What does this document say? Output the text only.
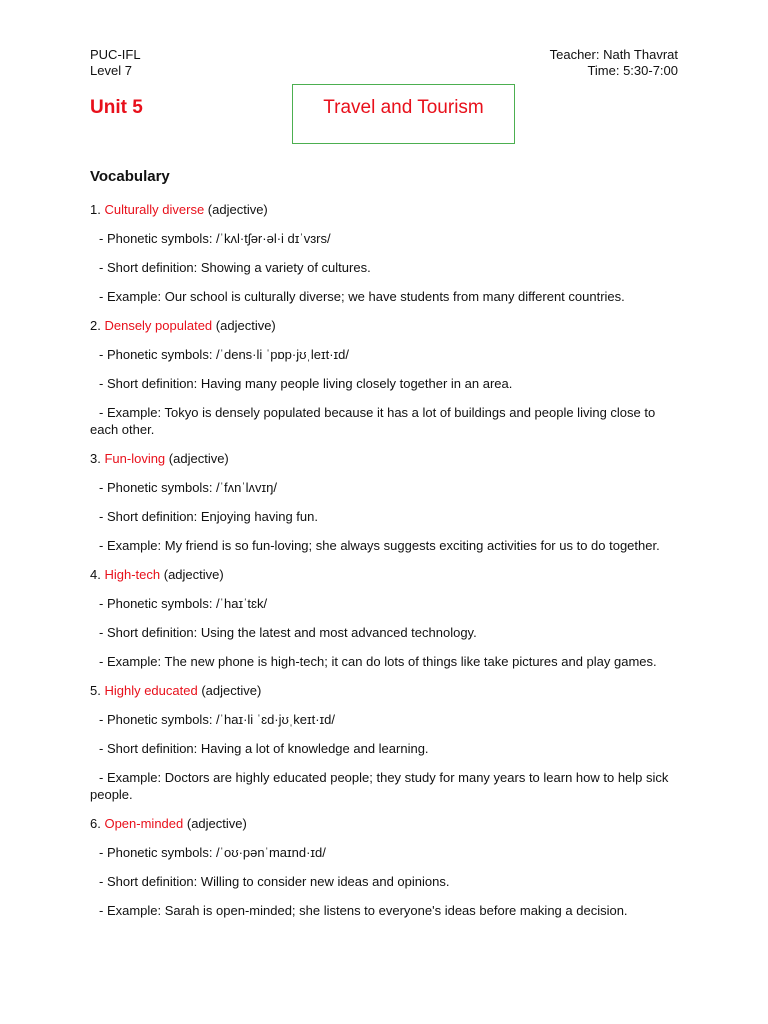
PUC-IFL
Level 7
Teacher: Nath Thavrat
Time: 5:30-7:00
Unit 5	Travel and Tourism
Vocabulary

1. Culturally diverse (adjective)

- Phonetic symbols: /ˈkʌl·tʃər·əl·i dɪˈvɜrs/

- Short definition: Showing a variety of cultures.

- Example: Our school is culturally diverse; we have students from many different countries.

2. Densely populated (adjective)

- Phonetic symbols: /ˈdens·li ˈpɒp·jʊˌleɪt·ɪd/

- Short definition: Having many people living closely together in an area.

- Example: Tokyo is densely populated because it has a lot of buildings and people living close to each other.

3. Fun-loving (adjective)

- Phonetic symbols: /ˈfʌnˈlʌvɪŋ/

- Short definition: Enjoying having fun.

- Example: My friend is so fun-loving; she always suggests exciting activities for us to do together.

4. High-tech (adjective)

- Phonetic symbols: /ˈhaɪˈtɛk/

- Short definition: Using the latest and most advanced technology.

- Example: The new phone is high-tech; it can do lots of things like take pictures and play games.

5. Highly educated (adjective)

- Phonetic symbols: /ˈhaɪ·li ˈɛd·jʊˌkeɪt·ɪd/

- Short definition: Having a lot of knowledge and learning.

- Example: Doctors are highly educated people; they study for many years to learn how to help sick people.

6. Open-minded (adjective)

- Phonetic symbols: /ˈoʊ·pənˈmaɪnd·ɪd/

- Short definition: Willing to consider new ideas and opinions.

- Example: Sarah is open-minded; she listens to everyone's ideas before making a decision.
